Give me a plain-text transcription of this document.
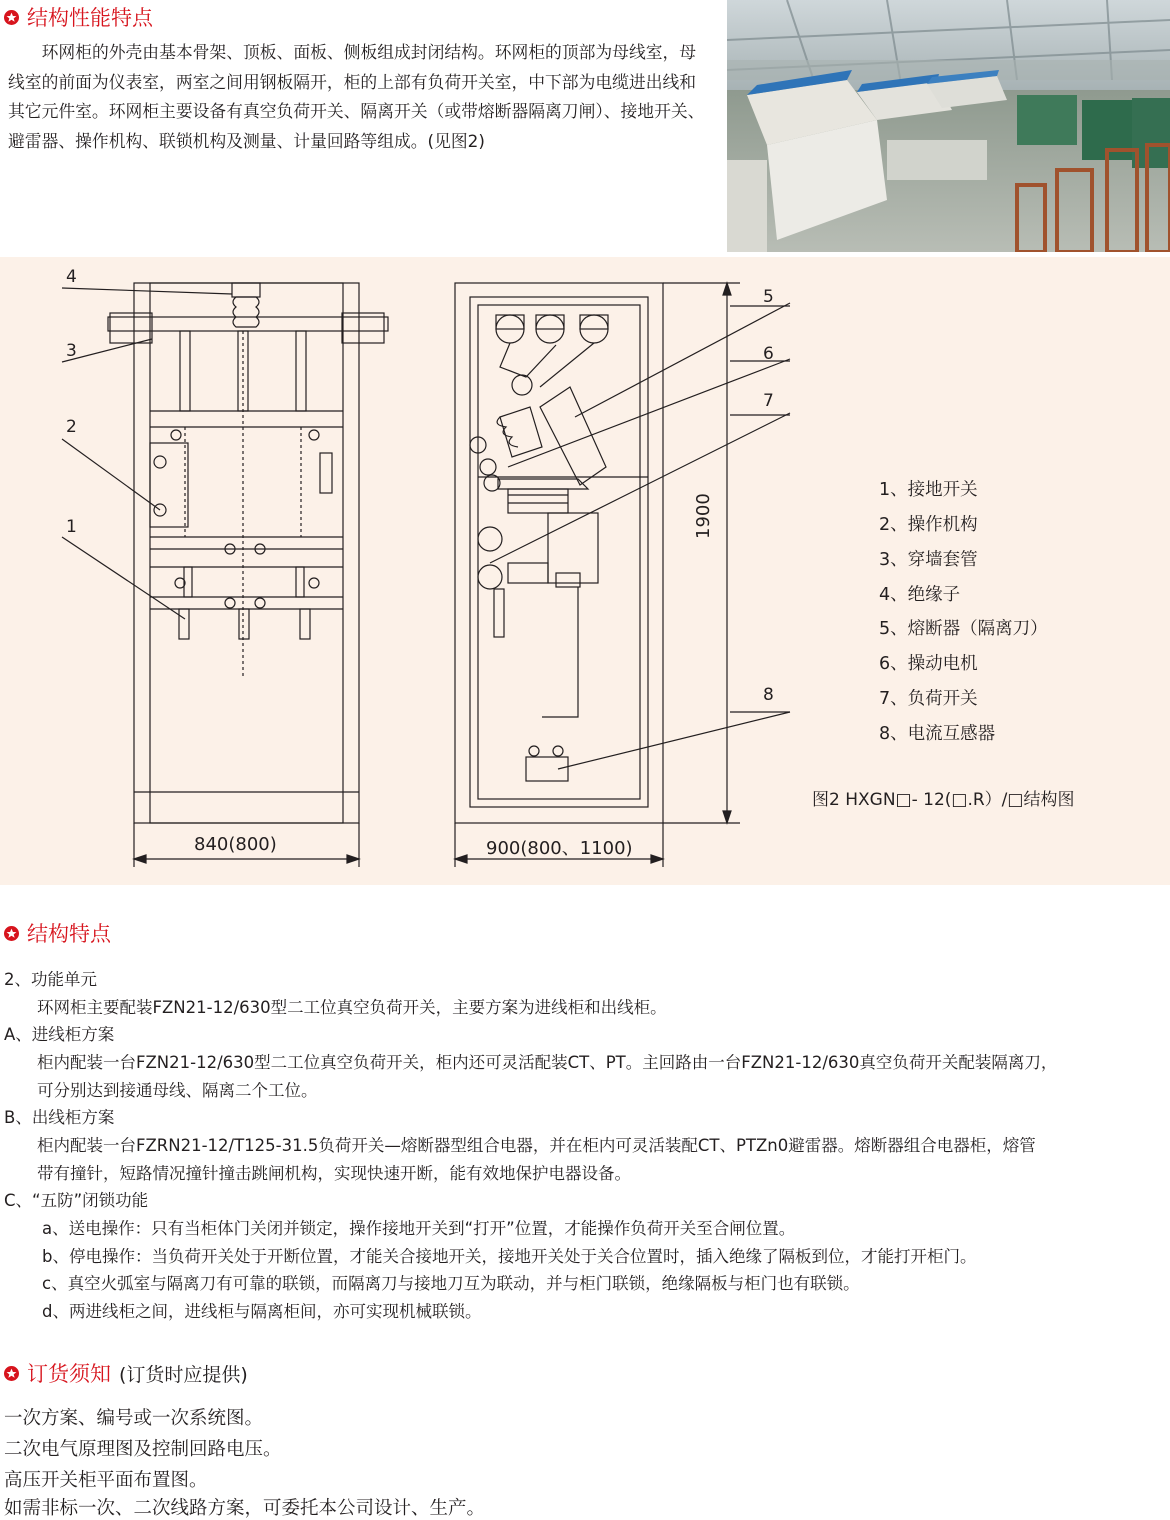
结构性能特点
环网柜的外壳由基本骨架、顶板、面板、侧板组成封闭结构。环网柜的顶部为母线室，母线室的前面为仪表室，两室之间用钢板隔开，柜的上部有负荷开关室，中下部为电缆进出线和其它元件室。环网柜主要设备有真空负荷开关、隔离开关（或带熔断器隔离刀闸）、接地开关、避雷器、操作机构、联锁机构及测量、计量回路等组成。(见图2)
4
3
2
1
5
6
7
8
840(800)	900(800、1100)
1900
1、接地开关
2、操作机构
3、穿墙套管
4、绝缘子
5、熔断器（隔离刀）
6、操动电机
7、负荷开关
8、电流互感器
图2 HXGN□- 12(□.R）/□结构图
结构特点
2、功能单元
环网柜主要配装FZN21-12/630型二工位真空负荷开关，主要方案为进线柜和出线柜。
A、进线柜方案
柜内配装一台FZN21-12/630型二工位真空负荷开关，柜内还可灵活配装CT、PT。主回路由一台FZN21-12/630真空负荷开关配装隔离刀，
可分别达到接通母线、隔离二个工位。
B、出线柜方案
柜内配装一台FZRN21-12/T125-31.5负荷开关—熔断器型组合电器，并在柜内可灵活装配CT、PTZn0避雷器。熔断器组合电器柜，熔管
带有撞针，短路情况撞针撞击跳闸机构，实现快速开断，能有效地保护电器设备。
C、“五防”闭锁功能
a、送电操作：只有当柜体门关闭并锁定，操作接地开关到“打开”位置，才能操作负荷开关至合闸位置。
b、停电操作：当负荷开关处于开断位置，才能关合接地开关，接地开关处于关合位置时，插入绝缘了隔板到位，才能打开柜门。
c、真空火弧室与隔离刀有可靠的联锁，而隔离刀与接地刀互为联动，并与柜门联锁，绝缘隔板与柜门也有联锁。
d、两进线柜之间，进线柜与隔离柜间，亦可实现机械联锁。
订货须知 (订货时应提供)
一次方案、编号或一次系统图。
二次电气原理图及控制回路电压。
高压开关柜平面布置图。
如需非标一次、二次线路方案，可委托本公司设计、生产。
